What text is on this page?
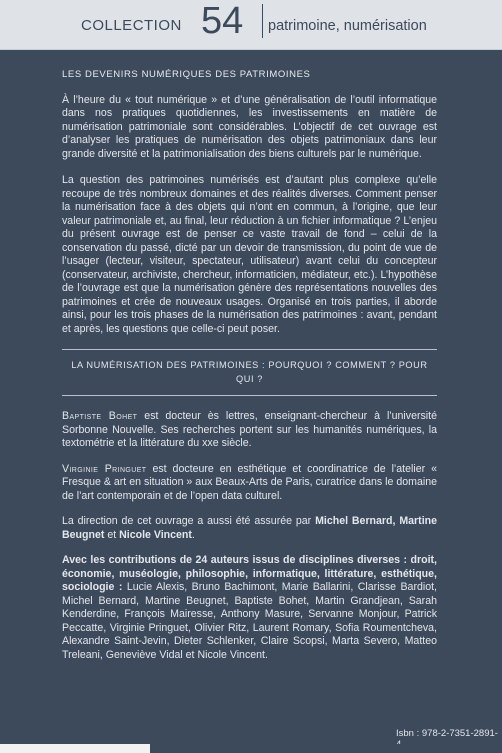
COLLECTION 54 patrimoine, numérisation
LES DEVENIRS NUMÉRIQUES DES PATRIMOINES

À l’heure du « tout numérique » et d’une généralisation de l’outil informatique dans nos pratiques quotidiennes, les investissements en matière de numérisation patrimoniale sont considérables. L’objectif de cet ouvrage est d’analyser les pratiques de numérisation des objets patrimoniaux dans leur grande diversité et la patrimonialisation des biens culturels par le numérique.

La question des patrimoines numérisés est d’autant plus complexe qu’elle recoupe de très nombreux domaines et des réalités diverses. Comment penser la numérisation face à des objets qui n’ont en commun, à l’origine, que leur valeur patrimoniale et, au final, leur réduction à un fichier informatique ? L’enjeu du présent ouvrage est de penser ce vaste travail de fond – celui de la conservation du passé, dicté par un devoir de transmission, du point de vue de l’usager (lecteur, visiteur, spectateur, utilisateur) avant celui du concepteur (conservateur, archiviste, chercheur, informaticien, médiateur, etc.). L’hypothèse de l’ouvrage est que la numérisation génère des représentations nouvelles des patrimoines et crée de nouveaux usages. Organisé en trois parties, il aborde ainsi, pour les trois phases de la numérisation des patrimoines : avant, pendant et après, les questions que celle-ci peut poser.

LA NUMÉRISATION DES PATRIMOINES : POURQUOI ? COMMENT ? POUR QUI ?

Baptiste Bohet est docteur ès lettres, enseignant-chercheur à l’université Sorbonne Nouvelle. Ses recherches portent sur les humanités numériques, la textométrie et la littérature du xxe siècle.

Virginie Pringuet est docteure en esthétique et coordinatrice de l’atelier « Fresque & art en situation » aux Beaux-Arts de Paris, curatrice dans le domaine de l’art contemporain et de l’open data culturel.

La direction de cet ouvrage a aussi été assurée par Michel Bernard, Martine Beugnet et Nicole Vincent.

Avec les contributions de 24 auteurs issus de disciplines diverses : droit, économie, muséologie, philosophie, informatique, littérature, esthétique, sociologie : Lucie Alexis, Bruno Bachimont, Marie Ballarini, Clarisse Bardiot, Michel Bernard, Martine Beugnet, Baptiste Bohet, Martin Grandjean, Sarah Kenderdine, François Mairesse, Anthony Masure, Servanne Monjour, Patrick Peccatte, Virginie Pringuet, Olivier Ritz, Laurent Romary, Sofia Roumentcheva, Alexandre Saint-Jevin, Dieter Schlenker, Claire Scopsi, Marta Severo, Matteo Treleani, Geneviève Vidal et Nicole Vincent.

Isbn : 978-2-7351-2891-
